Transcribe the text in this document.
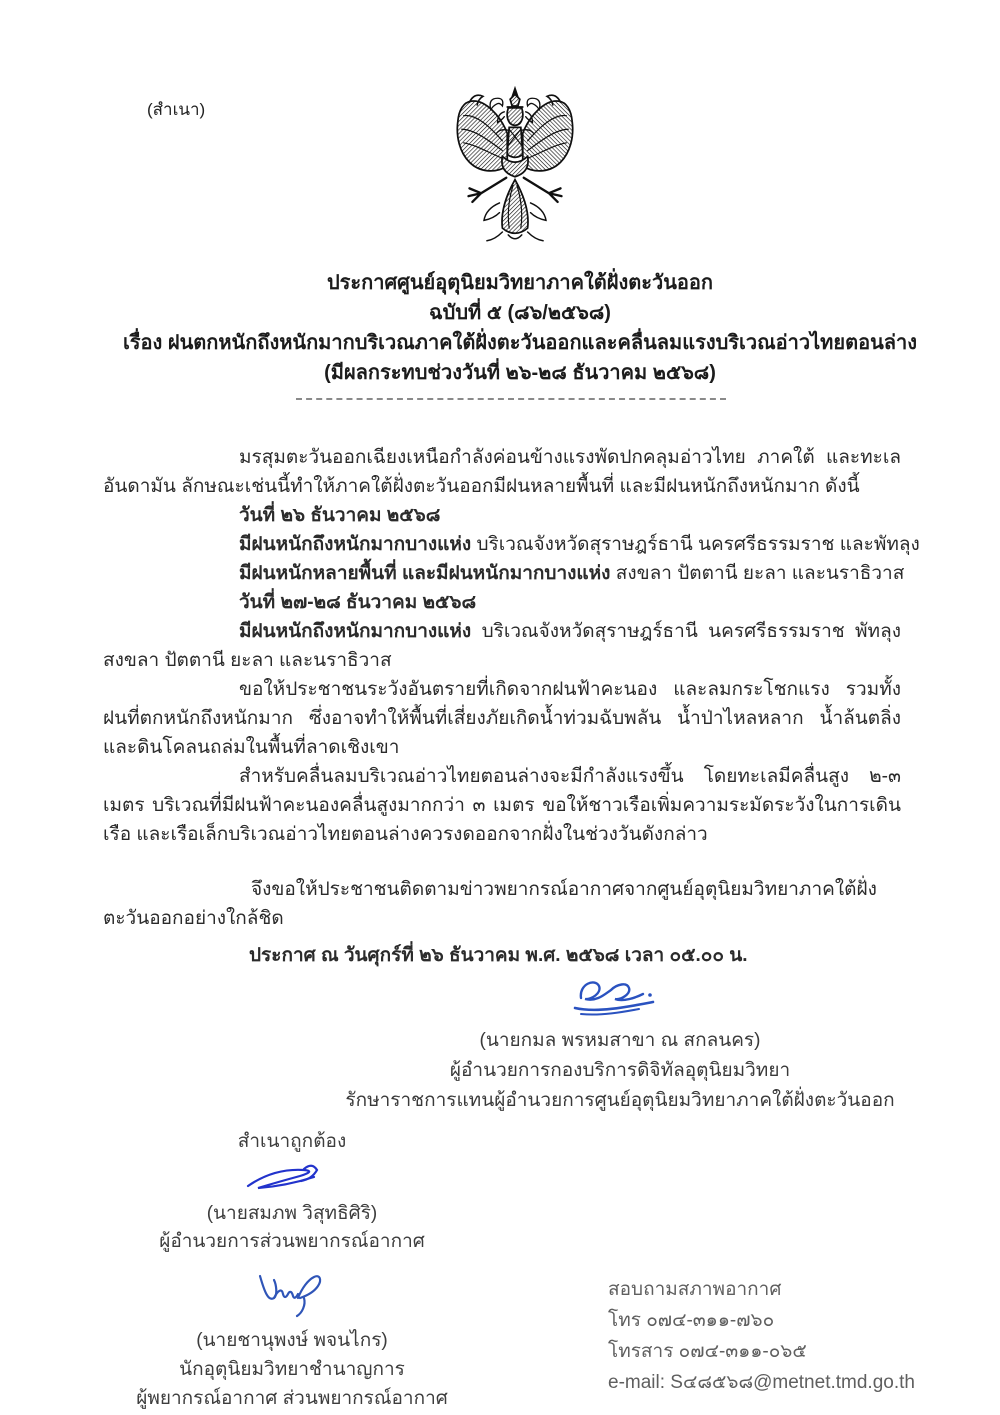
(สำเนา)
ประกาศศูนย์อุตุนิยมวิทยาภาคใต้ฝั่งตะวันออก
ฉบับที่ ๕ (๘๖/๒๕๖๘)
เรื่อง ฝนตกหนักถึงหนักมากบริเวณภาคใต้ฝั่งตะวันออกและคลื่นลมแรงบริเวณอ่าวไทยตอนล่าง
(มีผลกระทบช่วงวันที่ ๒๖-๒๘ ธันวาคม ๒๕๖๘)

มรสุมตะวันออกเฉียงเหนือกำลังค่อนข้างแรงพัดปกคลุมอ่าวไทย ภาคใต้ และทะเลอันดามัน ลักษณะเช่นนี้ทำให้ภาคใต้ฝั่งตะวันออกมีฝนหลายพื้นที่ และมีฝนหนักถึงหนักมาก ดังนี้

วันที่ ๒๖ ธันวาคม ๒๕๖๘
มีฝนหนักถึงหนักมากบางแห่ง บริเวณจังหวัดสุราษฎร์ธานี นครศรีธรรมราช และพัทลุง
มีฝนหนักหลายพื้นที่ และมีฝนหนักมากบางแห่ง สงขลา ปัตตานี ยะลา และนราธิวาส
วันที่ ๒๗-๒๘ ธันวาคม ๒๕๖๘

มีฝนหนักถึงหนักมากบางแห่ง บริเวณจังหวัดสุราษฎร์ธานี นครศรีธรรมราช พัทลุง สงขลา ปัตตานี ยะลา และนราธิวาส

ขอให้ประชาชนระวังอันตรายที่เกิดจากฝนฟ้าคะนอง และลมกระโชกแรง รวมทั้งฝนที่ตกหนักถึงหนักมาก ซึ่งอาจทำให้พื้นที่เสี่ยงภัยเกิดน้ำท่วมฉับพลัน น้ำป่าไหลหลาก น้ำล้นตลิ่ง และดินโคลนถล่มในพื้นที่ลาดเชิงเขา

สำหรับคลื่นลมบริเวณอ่าวไทยตอนล่างจะมีกำลังแรงขึ้น โดยทะเลมีคลื่นสูง ๒-๓ เมตร บริเวณที่มีฝนฟ้าคะนองคลื่นสูงมากกว่า ๓ เมตร ขอให้ชาวเรือเพิ่มความระมัดระวังในการเดินเรือ และเรือเล็กบริเวณอ่าวไทยตอนล่างควรงดออกจากฝั่งในช่วงวันดังกล่าว

จึงขอให้ประชาชนติดตามข่าวพยากรณ์อากาศจากศูนย์อุตุนิยมวิทยาภาคใต้ฝั่งตะวันออกอย่างใกล้ชิด

ประกาศ ณ วันศุกร์ที่ ๒๖ ธันวาคม พ.ศ. ๒๕๖๘ เวลา ๐๕.๐๐ น.

(นายกมล พรหมสาขา ณ สกลนคร)
ผู้อำนวยการกองบริการดิจิทัลอุตุนิยมวิทยา
รักษาราชการแทนผู้อำนวยการศูนย์อุตุนิยมวิทยาภาคใต้ฝั่งตะวันออก
สำเนาถูกต้อง
(นายสมภพ วิสุทธิศิริ)
ผู้อำนวยการส่วนพยากรณ์อากาศ
(นายชานุพงษ์ พจนไกร)
นักอุตุนิยมวิทยาชำนาญการ
ผู้พยากรณ์อากาศ ส่วนพยากรณ์อากาศ
สอบถามสภาพอากาศ
โทร ๐๗๔-๓๑๑-๗๖๐
โทรสาร ๐๗๔-๓๑๑-๐๖๕
e-mail: S๔๘๕๖๘@metnet.tmd.go.th
